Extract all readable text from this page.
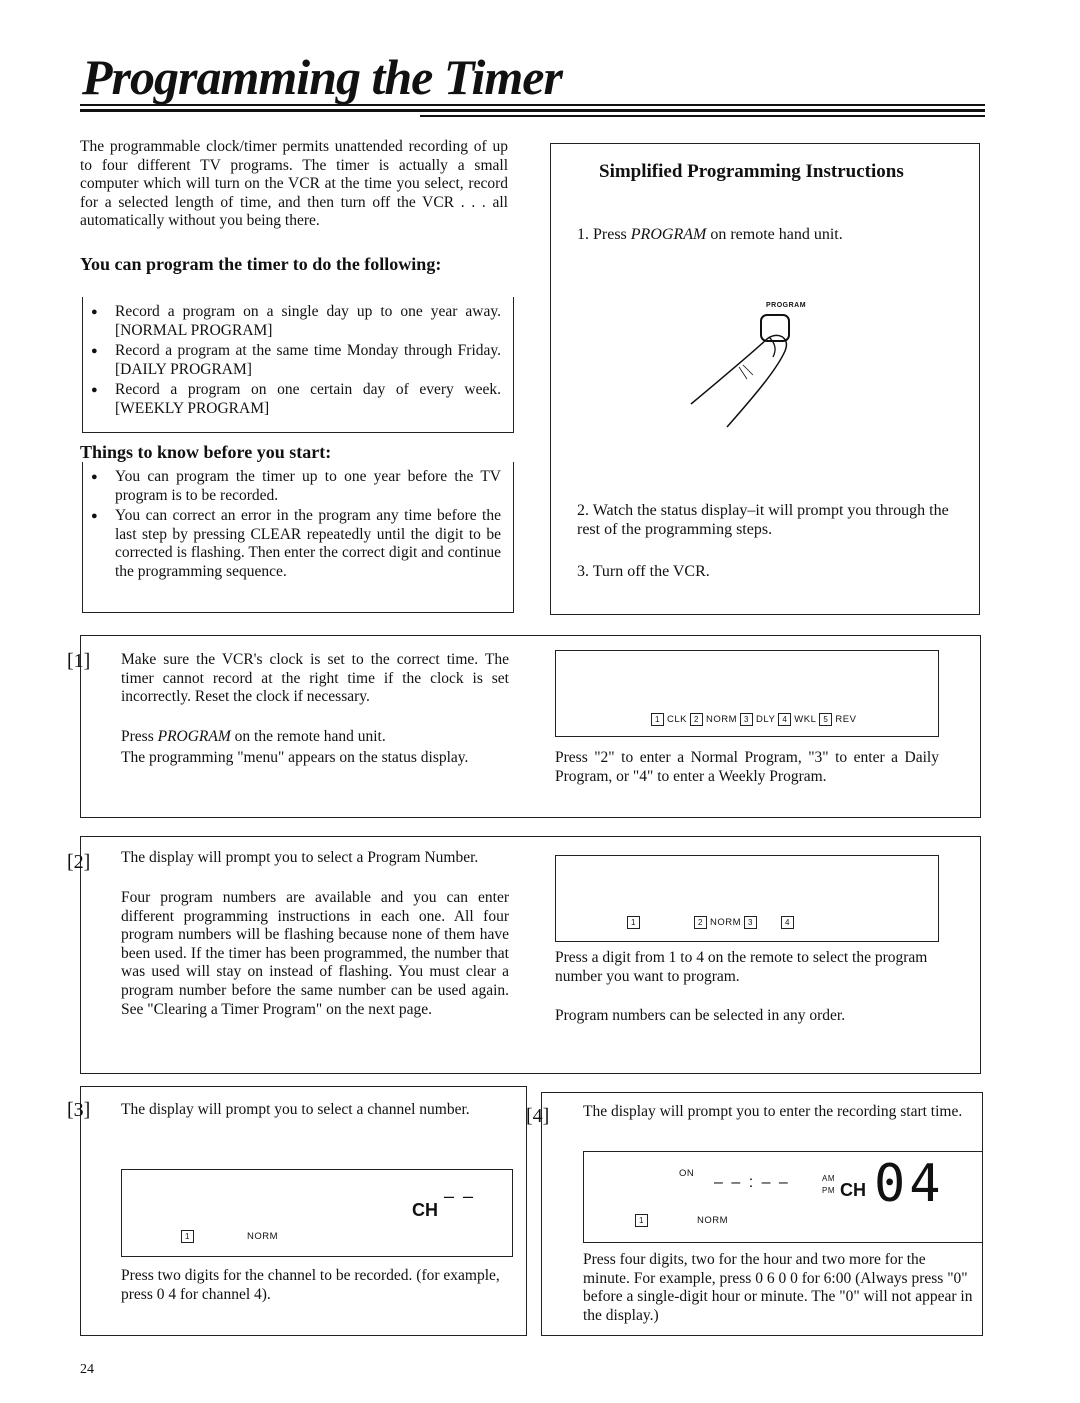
Programming the Timer
The programmable clock/timer permits unattended recording of up to four different TV programs. The timer is actually a small computer which will turn on the VCR at the time you select, record for a selected length of time, and then turn off the VCR . . . all automatically without you being there.
You can program the timer to do the following:
● Record a program on a single day up to one year away. [NORMAL PROGRAM]
● Record a program at the same time Monday through Friday. [DAILY PROGRAM]
● Record a program on one certain day of every week. [WEEKLY PROGRAM]
Things to know before you start:
● You can program the timer up to one year before the TV program is to be recorded.
● You can correct an error in the program any time before the last step by pressing CLEAR repeatedly until the digit to be corrected is flashing. Then enter the correct digit and continue the programming sequence.
Simplified Programming Instructions
1. Press PROGRAM on remote hand unit.
PROGRAM
2. Watch the status display–it will prompt you through the rest of the programming steps.
3. Turn off the VCR.
[1] Make sure the VCR's clock is set to the correct time. The timer cannot record at the right time if the clock is set incorrectly. Reset the clock if necessary.
Press PROGRAM on the remote hand unit.
The programming "menu" appears on the status display.
1 CLK 2 NORM 3 DLY 4 WKL 5 REV
Press "2" to enter a Normal Program, "3" to enter a Daily Program, or "4" to enter a Weekly Program.
[2] The display will prompt you to select a Program Number.
Four program numbers are available and you can enter different programming instructions in each one. All four program numbers will be flashing because none of them have been used. If the timer has been programmed, the number that was used will stay on instead of flashing. You must clear a program number before the same number can be used again. See "Clearing a Timer Program" on the next page.
1	2 NORM 3	4
Press a digit from 1 to 4 on the remote to select the program number you want to program.
Program numbers can be selected in any order.
[3] The display will prompt you to select a channel number.
CH
– –
1	NORM
Press two digits for the channel to be recorded. (for example, press 0 4 for channel 4).
[4] The display will prompt you to enter the recording start time.
ON
– – : – –	AM
PM CH 04
1	NORM
Press four digits, two for the hour and two more for the minute. For example, press 0 6 0 0 for 6:00 (Always press "0" before a single-digit hour or minute. The "0" will not appear in the display.)
24
